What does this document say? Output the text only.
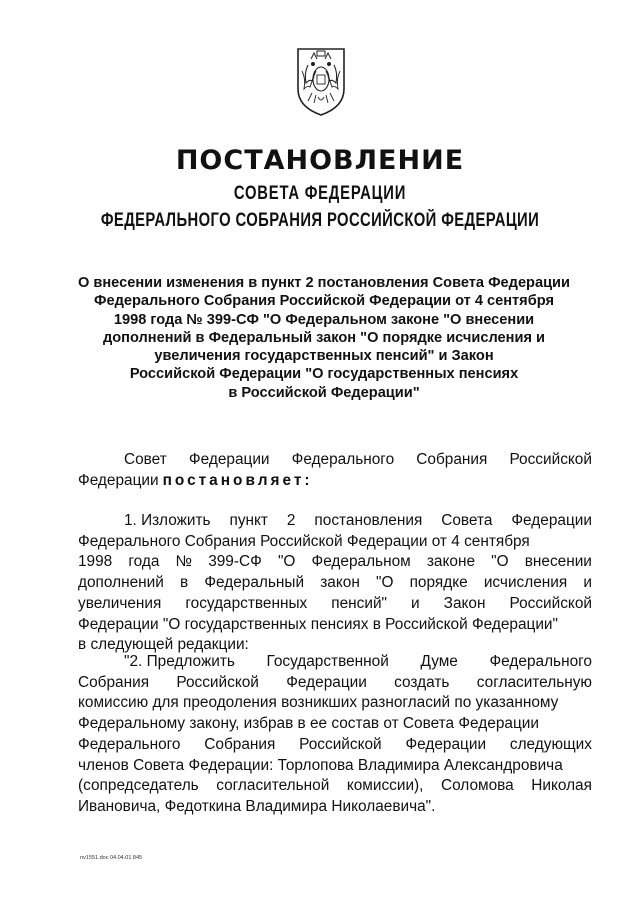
ПОСТАНОВЛЕНИЕ
СОВЕТА ФЕДЕРАЦИИ
ФЕДЕРАЛЬНОГО СОБРАНИЯ РОССИЙСКОЙ ФЕДЕРАЦИИ
О внесении изменения в пункт 2 постановления Совета Федерации
Федерального Собрания Российской Федерации от 4 сентября
1998 года № 399-СФ "О Федеральном законе "О внесении
дополнений в Федеральный закон "О порядке исчисления и
увеличения государственных пенсий" и Закон
Российской Федерации "О государственных пенсиях
в Российской Федерации"
Совет Федерации Федерального Собрания Российской
Федерации постановляет:
1. Изложить пункт 2 постановления Совета Федерации
Федерального Собрания Российской Федерации от 4 сентября
1998 года № 399-СФ "О Федеральном законе "О внесении
дополнений в Федеральный закон "О порядке исчисления и
увеличения государственных пенсий" и Закон Российской
Федерации "О государственных пенсиях в Российской Федерации"
в следующей редакции:
"2. Предложить Государственной Думе Федерального
Собрания Российской Федерации создать согласительную
комиссию для преодоления возникших разногласий по указанному
Федеральному закону, избрав в ее состав от Совета Федерации
Федерального Собрания Российской Федерации следующих
членов Совета Федерации: Торлопова Владимира Александровича
(сопредседатель согласительной комиссии), Соломова Николая
Ивановича, Федоткина Владимира Николаевича".
nv1551.doc 04.04.01 845
